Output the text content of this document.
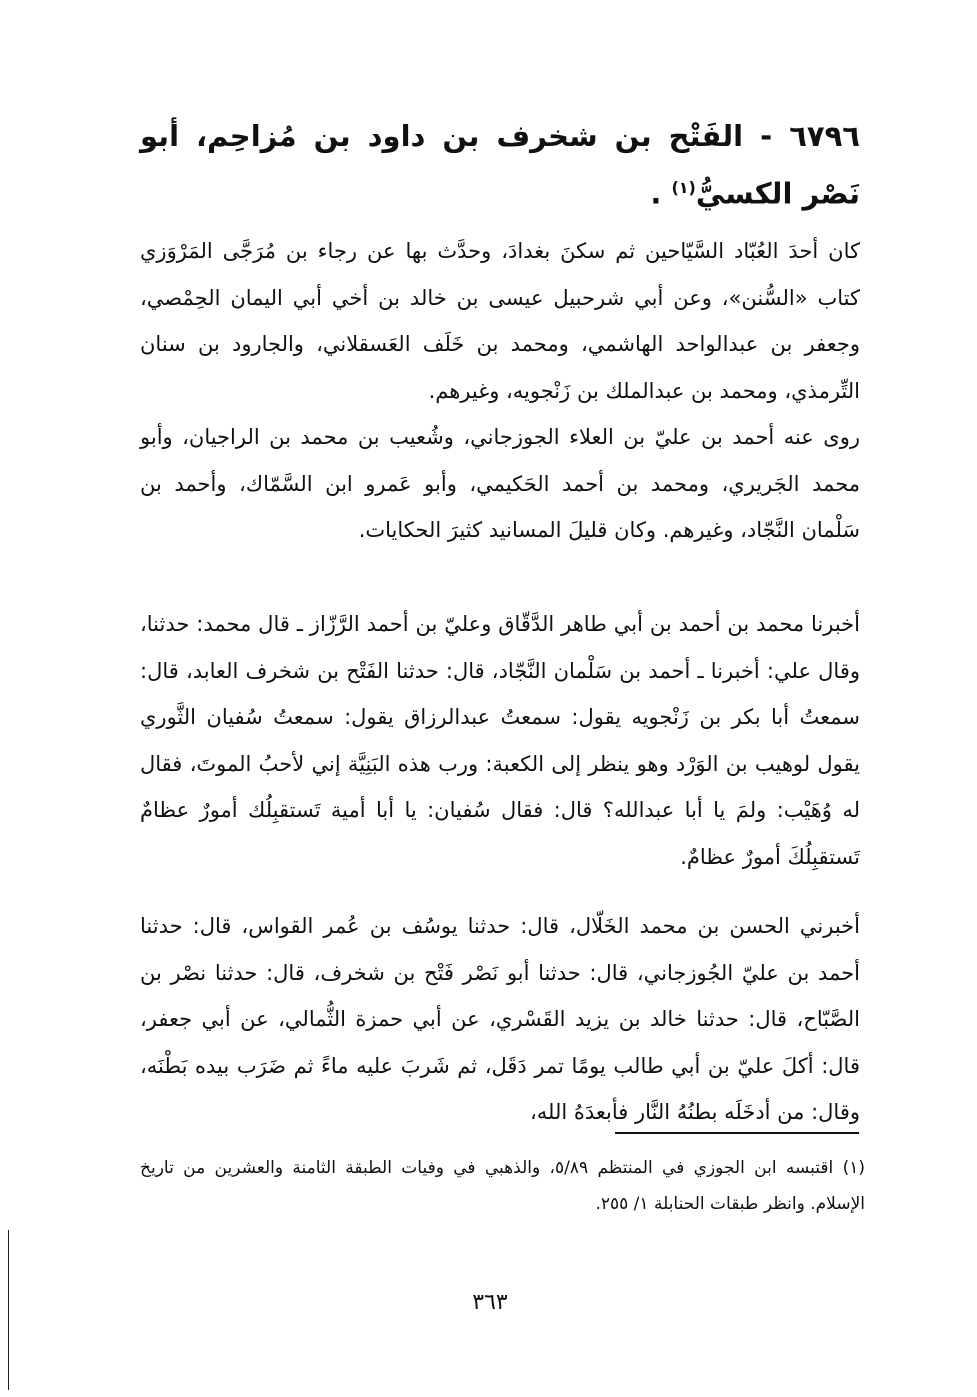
٦٧٩٦ - الفَتْح بن شخرف بن داود بن مُزاحِم، أبو نَصْر الكسيُّ$^{(١)}$ .
كان أحدَ العُبّاد السَّيّاحين ثم سكنَ بغدادَ، وحدَّث بها عن رجاء بن مُرَجَّى المَرْوَزي كتاب «السُّنن»، وعن أبي شرحبيل عيسى بن خالد بن أخي أبي اليمان الحِمْصي، وجعفر بن عبدالواحد الهاشمي، ومحمد بن خَلَف العَسقلاني، والجارود بن سنان التِّرمذي، ومحمد بن عبدالملك بن زَنْجويه، وغيرهم.
روى عنه أحمد بن عليّ بن العلاء الجوزجاني، وشُعيب بن محمد بن الراجيان، وأبو محمد الجَريري، ومحمد بن أحمد الحَكيمي، وأبو عَمرو ابن السَّمّاك، وأحمد بن سَلْمان النَّجّاد، وغيرهم. وكان قليلَ المسانيد كثيرَ الحكايات.
أخبرنا محمد بن أحمد بن أبي طاهر الدَّقّاق وعليّ بن أحمد الرَّزّاز ـ قال محمد: حدثنا، وقال علي: أخبرنا ـ أحمد بن سَلْمان النَّجّاد، قال: حدثنا الفَتْح بن شخرف العابد، قال: سمعتُ أبا بكر بن زَنْجويه يقول: سمعتُ عبدالرزاق يقول: سمعتُ سُفيان الثَّوري يقول لوهيب بن الوَرْد وهو ينظر إلى الكعبة: ورب هذه البَنِيَّة إني لأحبُ الموتَ، فقال له وُهَيْب: ولمَ يا أبا عبدالله؟ قال: فقال سُفيان: يا أبا أمية تَستقبِلُك أمورٌ عظامٌ تَستقبِلُكَ أمورٌ عظامٌ.
أخبرني الحسن بن محمد الخَلّال، قال: حدثنا يوسُف بن عُمر القواس، قال: حدثنا أحمد بن عليّ الجُوزجاني، قال: حدثنا أبو نَصْر فَتْح بن شخرف، قال: حدثنا نصْر بن الصَّبّاح، قال: حدثنا خالد بن يزيد القَسْري، عن أبي حمزة الثُّمالي، عن أبي جعفر، قال: أكلَ عليّ بن أبي طالب يومًا تمر دَقَل، ثم شَربَ عليه ماءً ثم ضَرَب بيده بَطْنَه، وقال: من أدخَلَه بطنُهُ النَّار فأبعدَهُ الله،
(١) اقتبسه ابن الجوزي في المنتظم ٥/٨٩، والذهبي في وفيات الطبقة الثامنة والعشرين من تاريخ الإسلام. وانظر طبقات الحنابلة ١/ ٢٥٥.
٣٦٣
